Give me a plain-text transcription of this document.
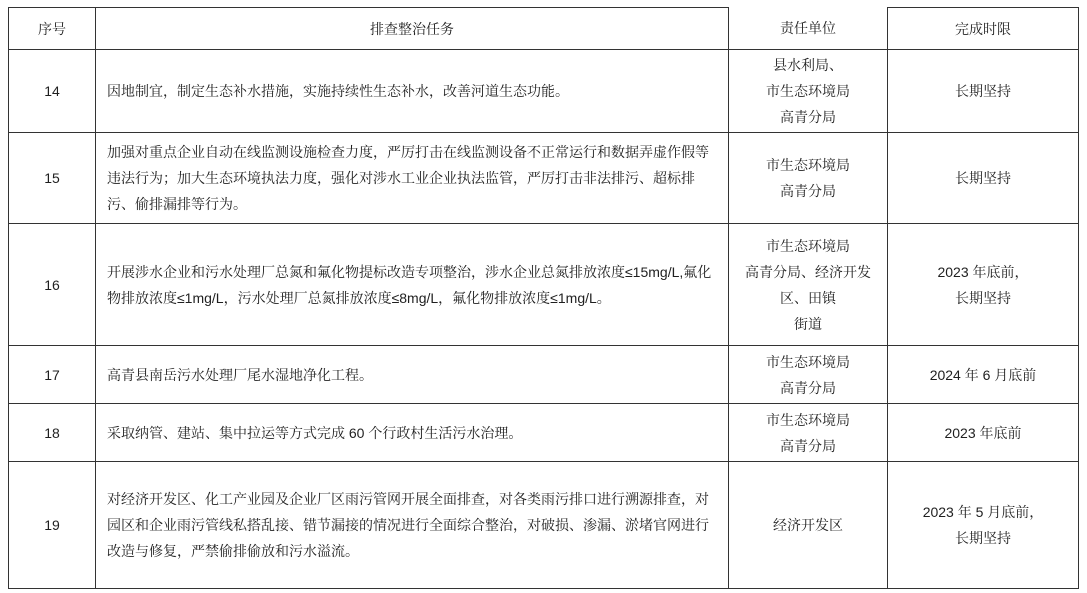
序号	排查整治任务	责任单位	完成时限
14	因地制宜，制定生态补水措施，实施持续性生态补水，改善河道生态功能。	县水利局、
市生态环境局
高青分局	长期坚持
15	加强对重点企业自动在线监测设施检查力度，严厉打击在线监测设备不正常运行和数据弄虚作假等违法行为；加大生态环境执法力度，强化对涉水工业企业执法监管，严厉打击非法排污、超标排污、偷排漏排等行为。	市生态环境局
高青分局	长期坚持
16	开展涉水企业和污水处理厂总氮和氟化物提标改造专项整治，涉水企业总氮排放浓度≤15mg/L,氟化物排放浓度≤1mg/L，污水处理厂总氮排放浓度≤8mg/L，氟化物排放浓度≤1mg/L。	市生态环境局
高青分局、经济开发
区、田镇
街道	2023 年底前，
长期坚持
17	高青县南岳污水处理厂尾水湿地净化工程。	市生态环境局
高青分局	2024 年 6 月底前
18	采取纳管、建站、集中拉运等方式完成 60 个行政村生活污水治理。	市生态环境局
高青分局	2023 年底前
19	对经济开发区、化工产业园及企业厂区雨污管网开展全面排查，对各类雨污排口进行溯源排查，对园区和企业雨污管线私搭乱接、错节漏接的情况进行全面综合整治，对破损、渗漏、淤堵官网进行改造与修复，严禁偷排偷放和污水溢流。	经济开发区	2023 年 5 月底前，
长期坚持
